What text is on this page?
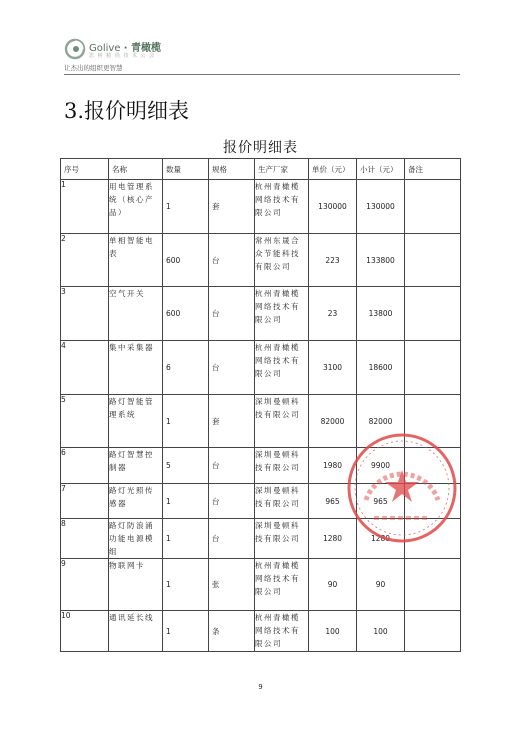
Golive · 青橄榄
思 树 精 尚 技 术 公 会
让杰出的组织更智慧
3.报价明细表
报价明细表
序号	名称	数量	规格	生产厂家	单价（元）	小计（元）	备注
1	用电管理系统（核心产品）	1	套	杭州青橄榄网络技术有限公司	130000	130000	
2	单相智能电表	600	台	常州东晟合众节能科技有限公司	223	133800	
3	空气开关	600	台	杭州青橄榄网络技术有限公司	23	13800	
4	集中采集器	6	台	杭州青橄榄网络技术有限公司	3100	18600	
5	路灯智能管理系统	1	套	深圳曼顿科技有限公司	82000	82000	
6	路灯智慧控制器	5	台	深圳曼顿科技有限公司	1980	9900	
7	路灯光照传感器	1	台	深圳曼顿科技有限公司	965	965	
8	路灯防浪涌功能电源模组	1	台	深圳曼顿科技有限公司	1280	1280	
9	物联网卡	1	张	杭州青橄榄网络技术有限公司	90	90	
10	通讯延长线	1	条	杭州青橄榄网络技术有限公司	100	100	
9
